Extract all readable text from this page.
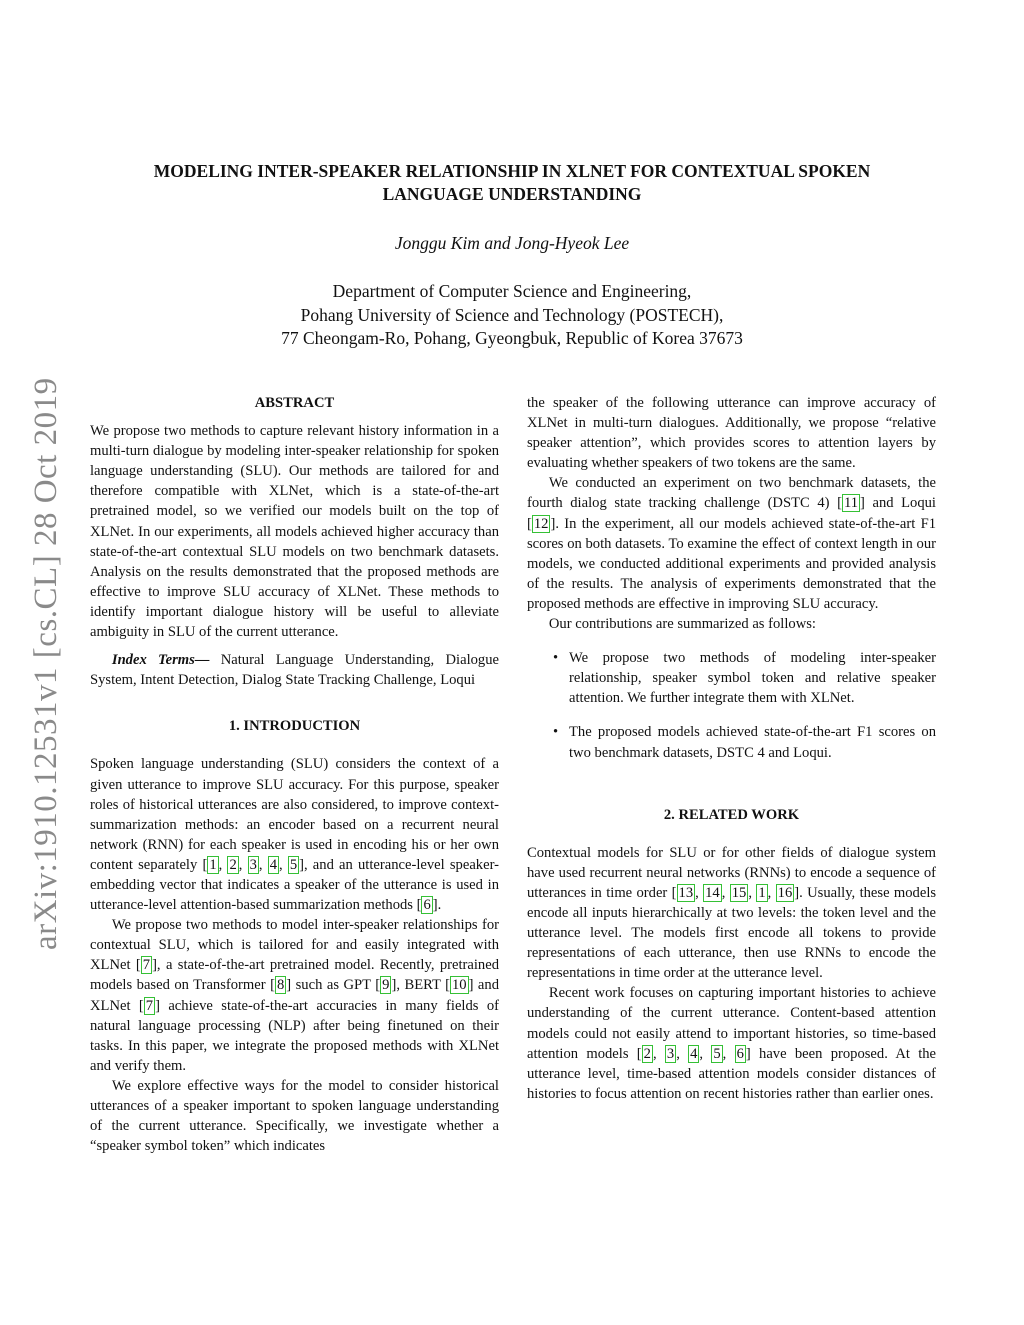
arXiv:1910.12531v1 [cs.CL] 28 Oct 2019
MODELING INTER-SPEAKER RELATIONSHIP IN XLNET FOR CONTEXTUAL SPOKEN
LANGUAGE UNDERSTANDING
Jonggu Kim and Jong-Hyeok Lee
Department of Computer Science and Engineering,
Pohang University of Science and Technology (POSTECH),
77 Cheongam-Ro, Pohang, Gyeongbuk, Republic of Korea 37673
ABSTRACT

We propose two methods to capture relevant history information in a multi-turn dialogue by modeling inter-speaker relationship for spoken language understanding (SLU). Our methods are tailored for and therefore compatible with XLNet, which is a state-of-the-art pretrained model, so we verified our models built on the top of XLNet. In our experiments, all models achieved higher accuracy than state-of-the-art contextual SLU models on two benchmark datasets. Analysis on the results demonstrated that the proposed methods are effective to improve SLU accuracy of XLNet. These methods to identify important dialogue history will be useful to alleviate ambiguity in SLU of the current utterance.

Index Terms— Natural Language Understanding, Dialogue System, Intent Detection, Dialog State Tracking Challenge, Loqui

1. INTRODUCTION

Spoken language understanding (SLU) considers the context of a given utterance to improve SLU accuracy. For this purpose, speaker roles of historical utterances are also considered, to improve context-summarization methods: an encoder based on a recurrent neural network (RNN) for each speaker is used in encoding his or her own content separately [ 1 , 2 , 3 , 4 , 5 ], and an utterance-level speaker-embedding vector that indicates a speaker of the utterance is used in utterance-level attention-based summarization methods [ 6 ].

We propose two methods to model inter-speaker relationships for contextual SLU, which is tailored for and easily integrated with XLNet [ 7 ], a state-of-the-art pretrained model. Recently, pretrained models based on Transformer [ 8 ] such as GPT [ 9 ], BERT [ 10 ] and XLNet [ 7 ] achieve state-of-the-art accuracies in many fields of natural language processing (NLP) after being finetuned on their tasks. In this paper, we integrate the proposed methods with XLNet and verify them.

We explore effective ways for the model to consider historical utterances of a speaker important to spoken language understanding of the current utterance. Specifically, we investigate whether a “speaker symbol token” which indicates

the speaker of the following utterance can improve accuracy of XLNet in multi-turn dialogues. Additionally, we propose “relative speaker attention”, which provides scores to attention layers by evaluating whether speakers of two tokens are the same.

We conducted an experiment on two benchmark datasets, the fourth dialog state tracking challenge (DSTC 4) [ 11 ] and Loqui [ 12 ]. In the experiment, all our models achieved state-of-the-art F1 scores on both datasets. To examine the effect of context length in our models, we conducted additional experiments and provided analysis of the results. The analysis of experiments demonstrated that the proposed methods are effective in improving SLU accuracy.

Our contributions are summarized as follows:

• We propose two methods of modeling inter-speaker relationship, speaker symbol token and relative speaker attention. We further integrate them with XLNet.
• The proposed models achieved state-of-the-art F1 scores on two benchmark datasets, DSTC 4 and Loqui.
2. RELATED WORK

Contextual models for SLU or for other fields of dialogue system have used recurrent neural networks (RNNs) to encode a sequence of utterances in time order [ 13 , 14 , 15 , 1 , 16 ]. Usually, these models encode all inputs hierarchically at two levels: the token level and the utterance level. The models first encode all tokens to provide representations of each utterance, then use RNNs to encode the representations in time order at the utterance level.

Recent work focuses on capturing important histories to achieve understanding of the current utterance. Content-based attention models could not easily attend to important histories, so time-based attention models [ 2 , 3 , 4 , 5 , 6 ] have been proposed. At the utterance level, time-based attention models consider distances of histories to focus attention on recent histories rather than earlier ones.
